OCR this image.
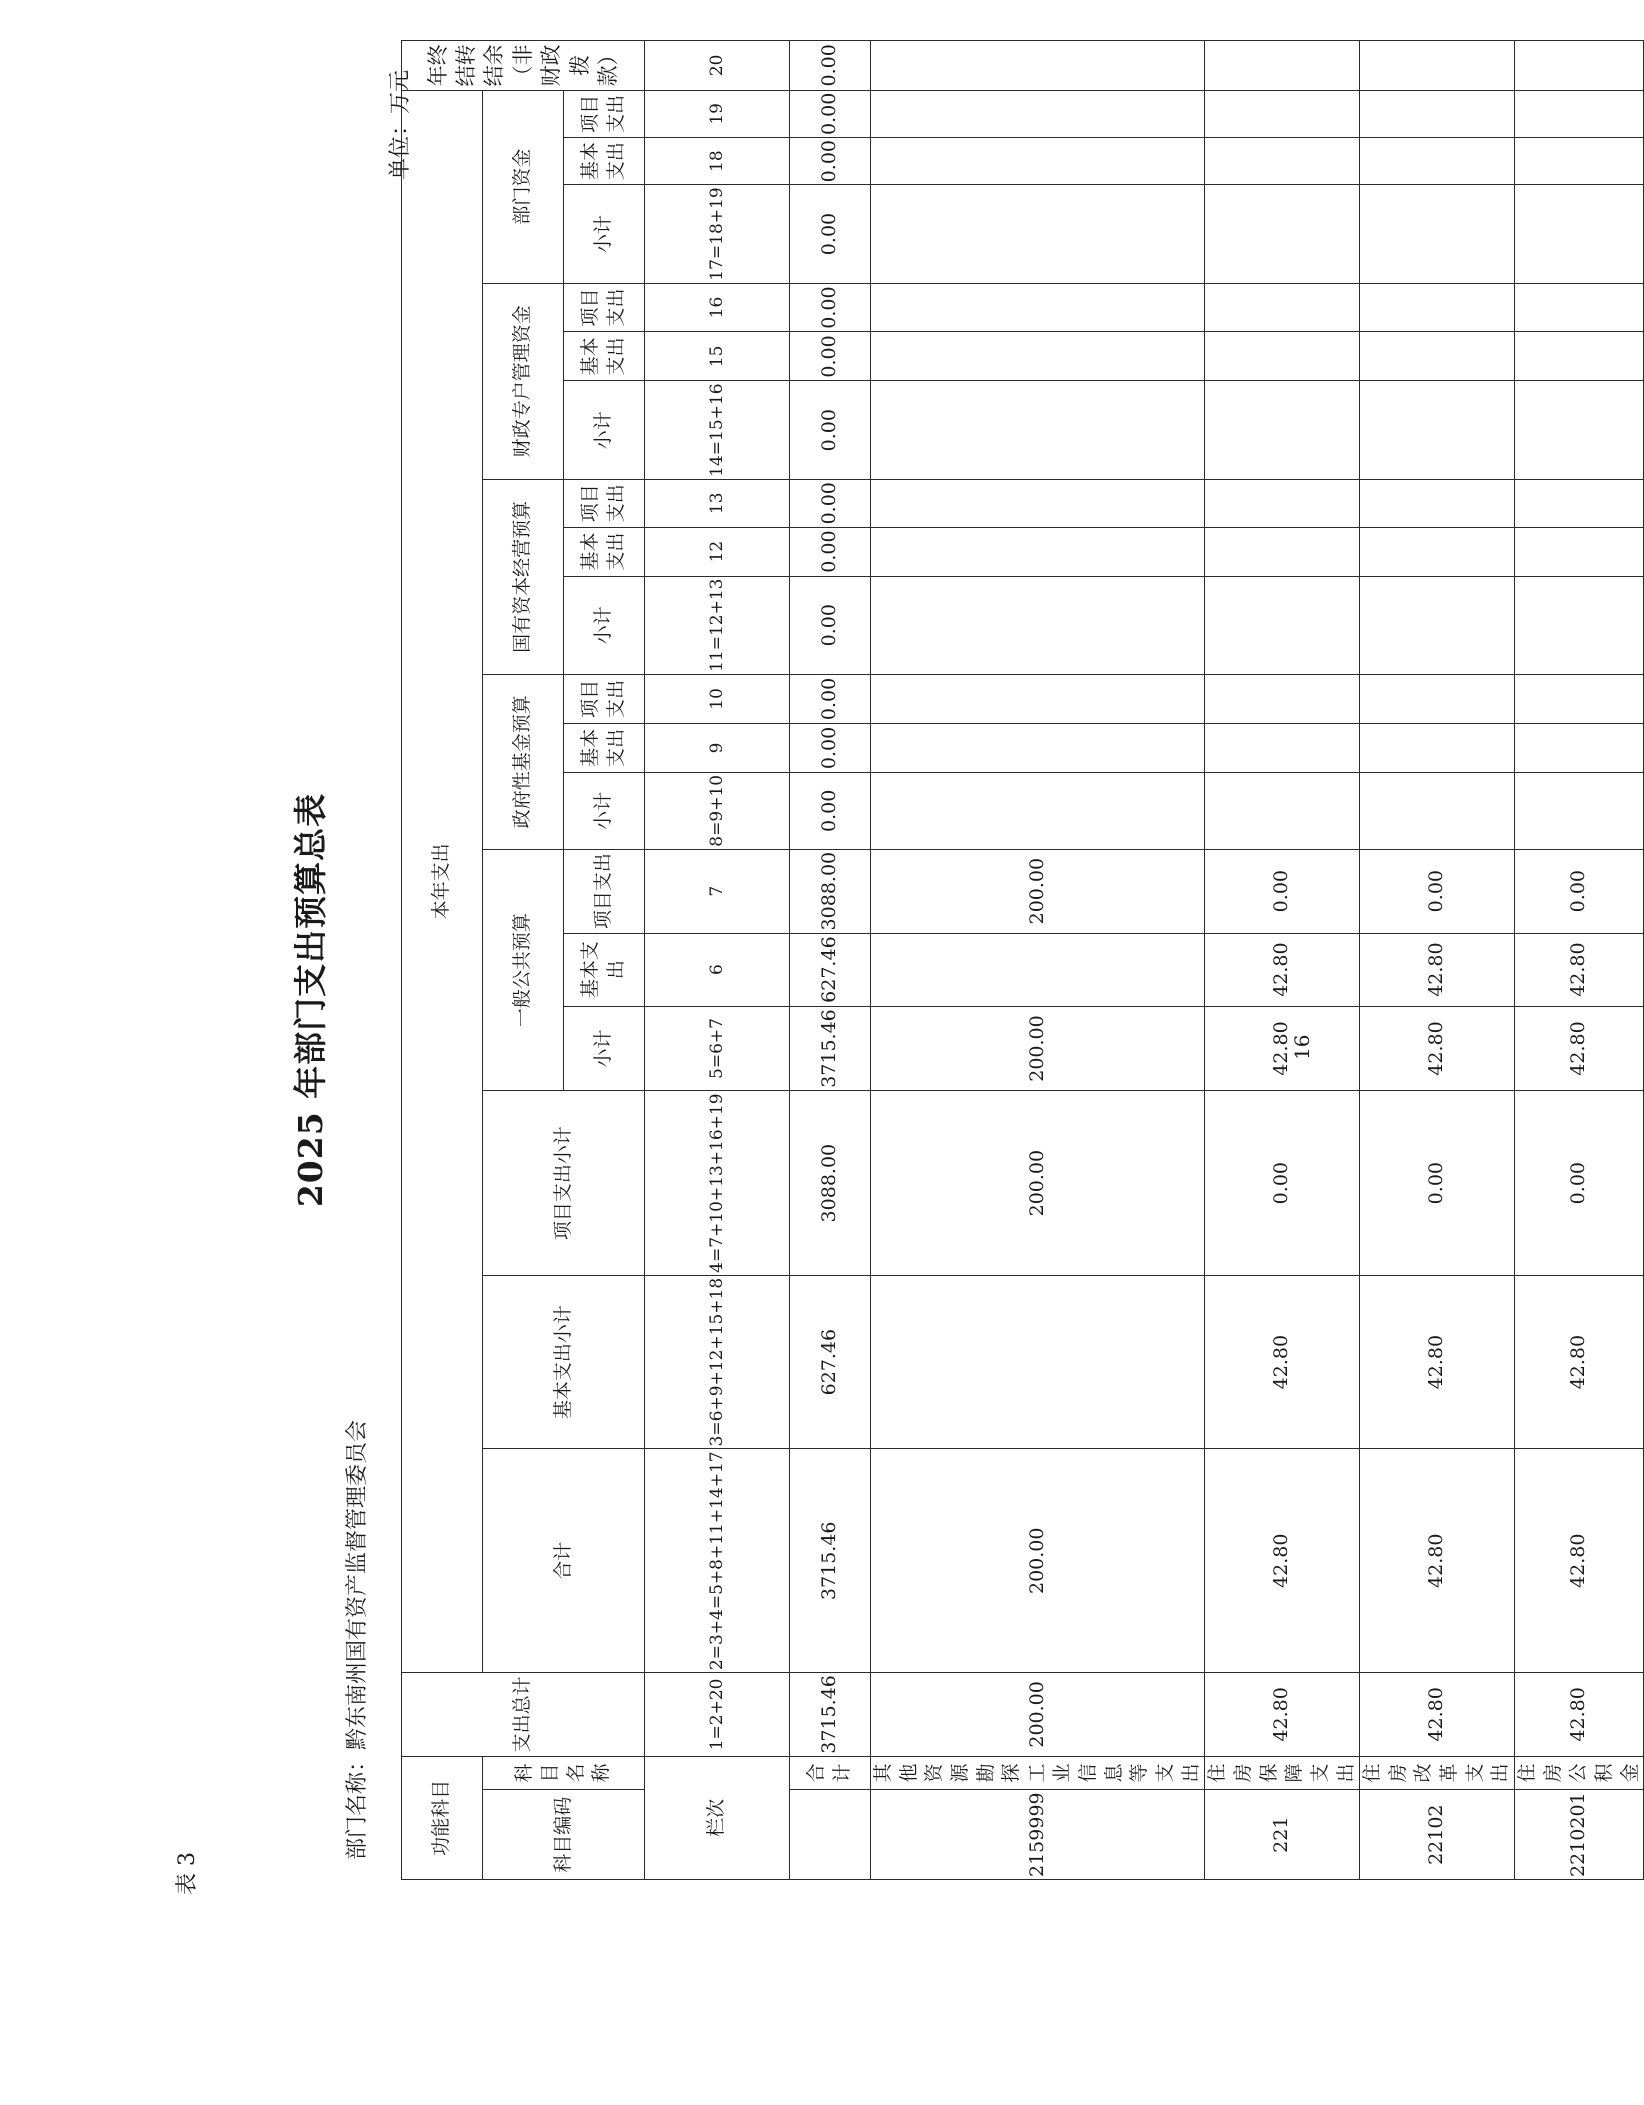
表 3
2025 年部门支出预算总表
部门名称：黔东南州国有资产监督管理委员会
单位：万元
功能科目		支出总计	本年支出																		年终结转结余（非财政拨款）
科目编码	科目名称		合计	基本支出小计	项目支出小计	一般公共预算			政府性基金预算			国有资本经营预算			财政专户管理资金			部门资金			
						小计	基本支出	项目支出	小计	基本支出	项目支出	小计	基本支出	项目支出	小计	基本支出	项目支出	小计	基本支出	项目支出	
栏次		1=2+20	2=3+4=5+8+11+14+17	3=6+9+12+15+18	4=7+10+13+16+19	5=6+7	6	7	8=9+10	9	10	11=12+13	12	13	14=15+16	15	16	17=18+19	18	19	20
	合计	3715.46	3715.46	627.46	3088.00	3715.46	627.46	3088.00	0.00	0.00	0.00	0.00	0.00	0.00	0.00	0.00	0.00	0.00	0.00	0.00	0.00
2159999	其他资源勘探工业信息等支出	200.00	200.00		200.00	200.00		200.00													
221	住房保障支出	42.80	42.80	42.80	0.00	42.80	42.80	0.00													
22102	住房改革支出	42.80	42.80	42.80	0.00	42.80	42.80	0.00													
2210201	住房公积金	42.80	42.80	42.80	0.00	42.80	42.80	0.00													
16
